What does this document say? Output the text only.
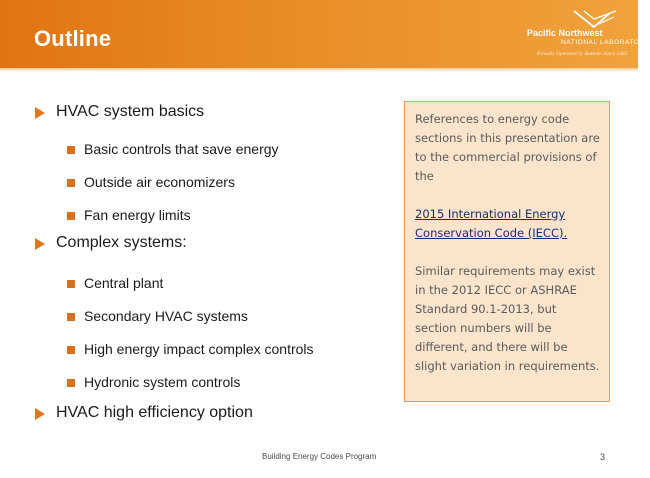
Outline	Pacific Northwest
NATIONAL LABORATORY
Proudly Operated by Battelle Since 1965
HVAC system basics
Basic controls that save energy
Outside air economizers
Fan energy limits
Complex systems:
Central plant
Secondary HVAC systems
High energy impact complex controls
Hydronic system controls
HVAC high efficiency option

References to energy code sections in this presentation are to the commercial provisions of the

2015 International Energy Conservation Code (IECC).

Similar requirements may exist in the 2012 IECC or ASHRAE Standard 90.1-2013, but section numbers will be different, and there will be slight variation in requirements.

Building Energy Codes Program	3
